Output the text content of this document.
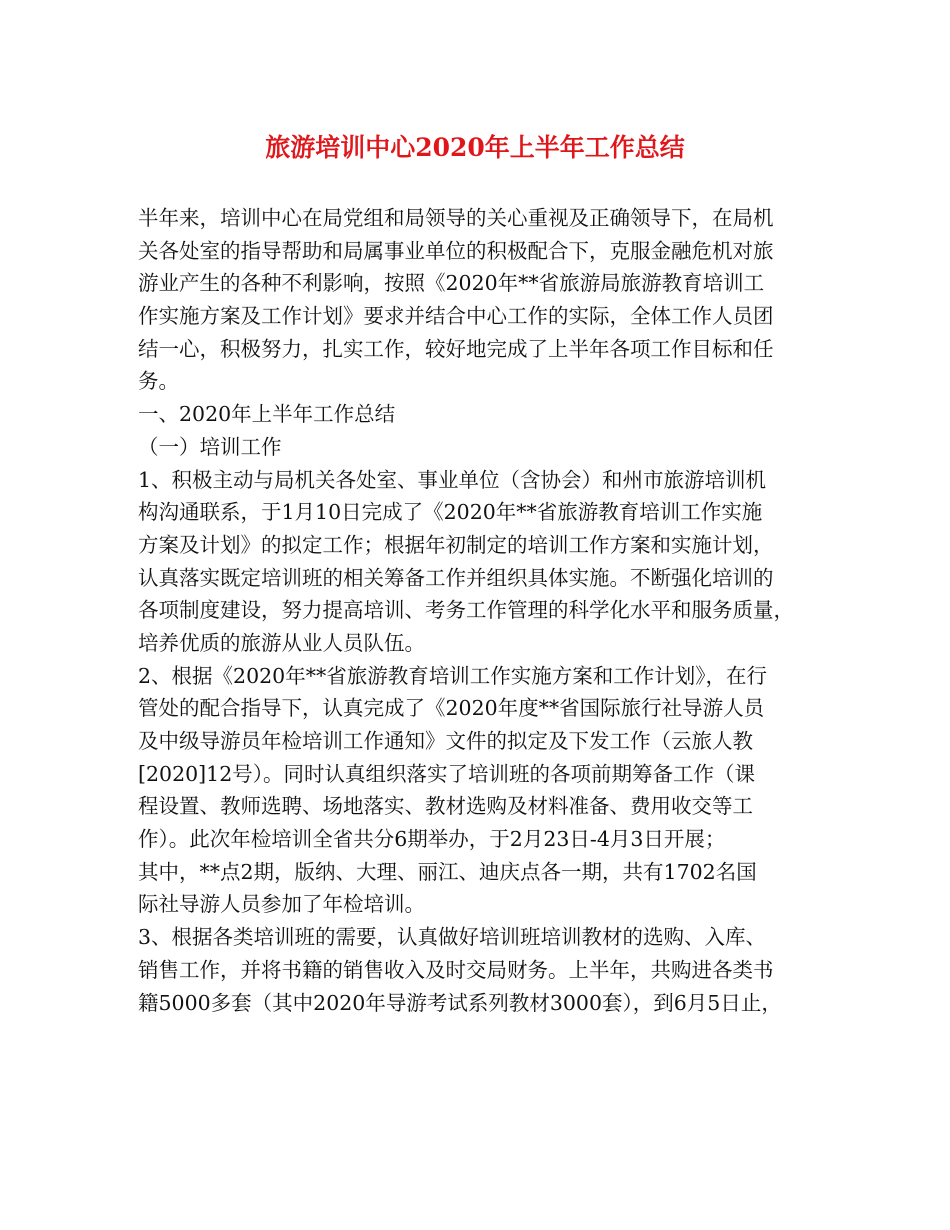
旅游培训中心2020年上半年工作总结
半年来，培训中心在局党组和局领导的关心重视及正确领导下，在局机
关各处室的指导帮助和局属事业单位的积极配合下，克服金融危机对旅
游业产生的各种不利影响，按照《2020年**省旅游局旅游教育培训工
作实施方案及工作计划》要求并结合中心工作的实际，全体工作人员团
结一心，积极努力，扎实工作，较好地完成了上半年各项工作目标和任
务。
一、2020年上半年工作总结
（一）培训工作
1、积极主动与局机关各处室、事业单位（含协会）和州市旅游培训机
构沟通联系，于1月10日完成了《2020年**省旅游教育培训工作实施
方案及计划》的拟定工作；根据年初制定的培训工作方案和实施计划，
认真落实既定培训班的相关筹备工作并组织具体实施。不断强化培训的
各项制度建设，努力提高培训、考务工作管理的科学化水平和服务质量，
培养优质的旅游从业人员队伍。
2、根据《2020年**省旅游教育培训工作实施方案和工作计划》，在行
管处的配合指导下，认真完成了《2020年度**省国际旅行社导游人员
及中级导游员年检培训工作通知》文件的拟定及下发工作（云旅人教
[2020]12号）。同时认真组织落实了培训班的各项前期筹备工作（课
程设置、教师选聘、场地落实、教材选购及材料准备、费用收交等工
作）。此次年检培训全省共分6期举办，于2月23日-4月3日开展；
其中，**点2期，版纳、大理、丽江、迪庆点各一期，共有1702名国
际社导游人员参加了年检培训。
3、根据各类培训班的需要，认真做好培训班培训教材的选购、入库、
销售工作，并将书籍的销售收入及时交局财务。上半年，共购进各类书
籍5000多套（其中2020年导游考试系列教材3000套），到6月5日止，
